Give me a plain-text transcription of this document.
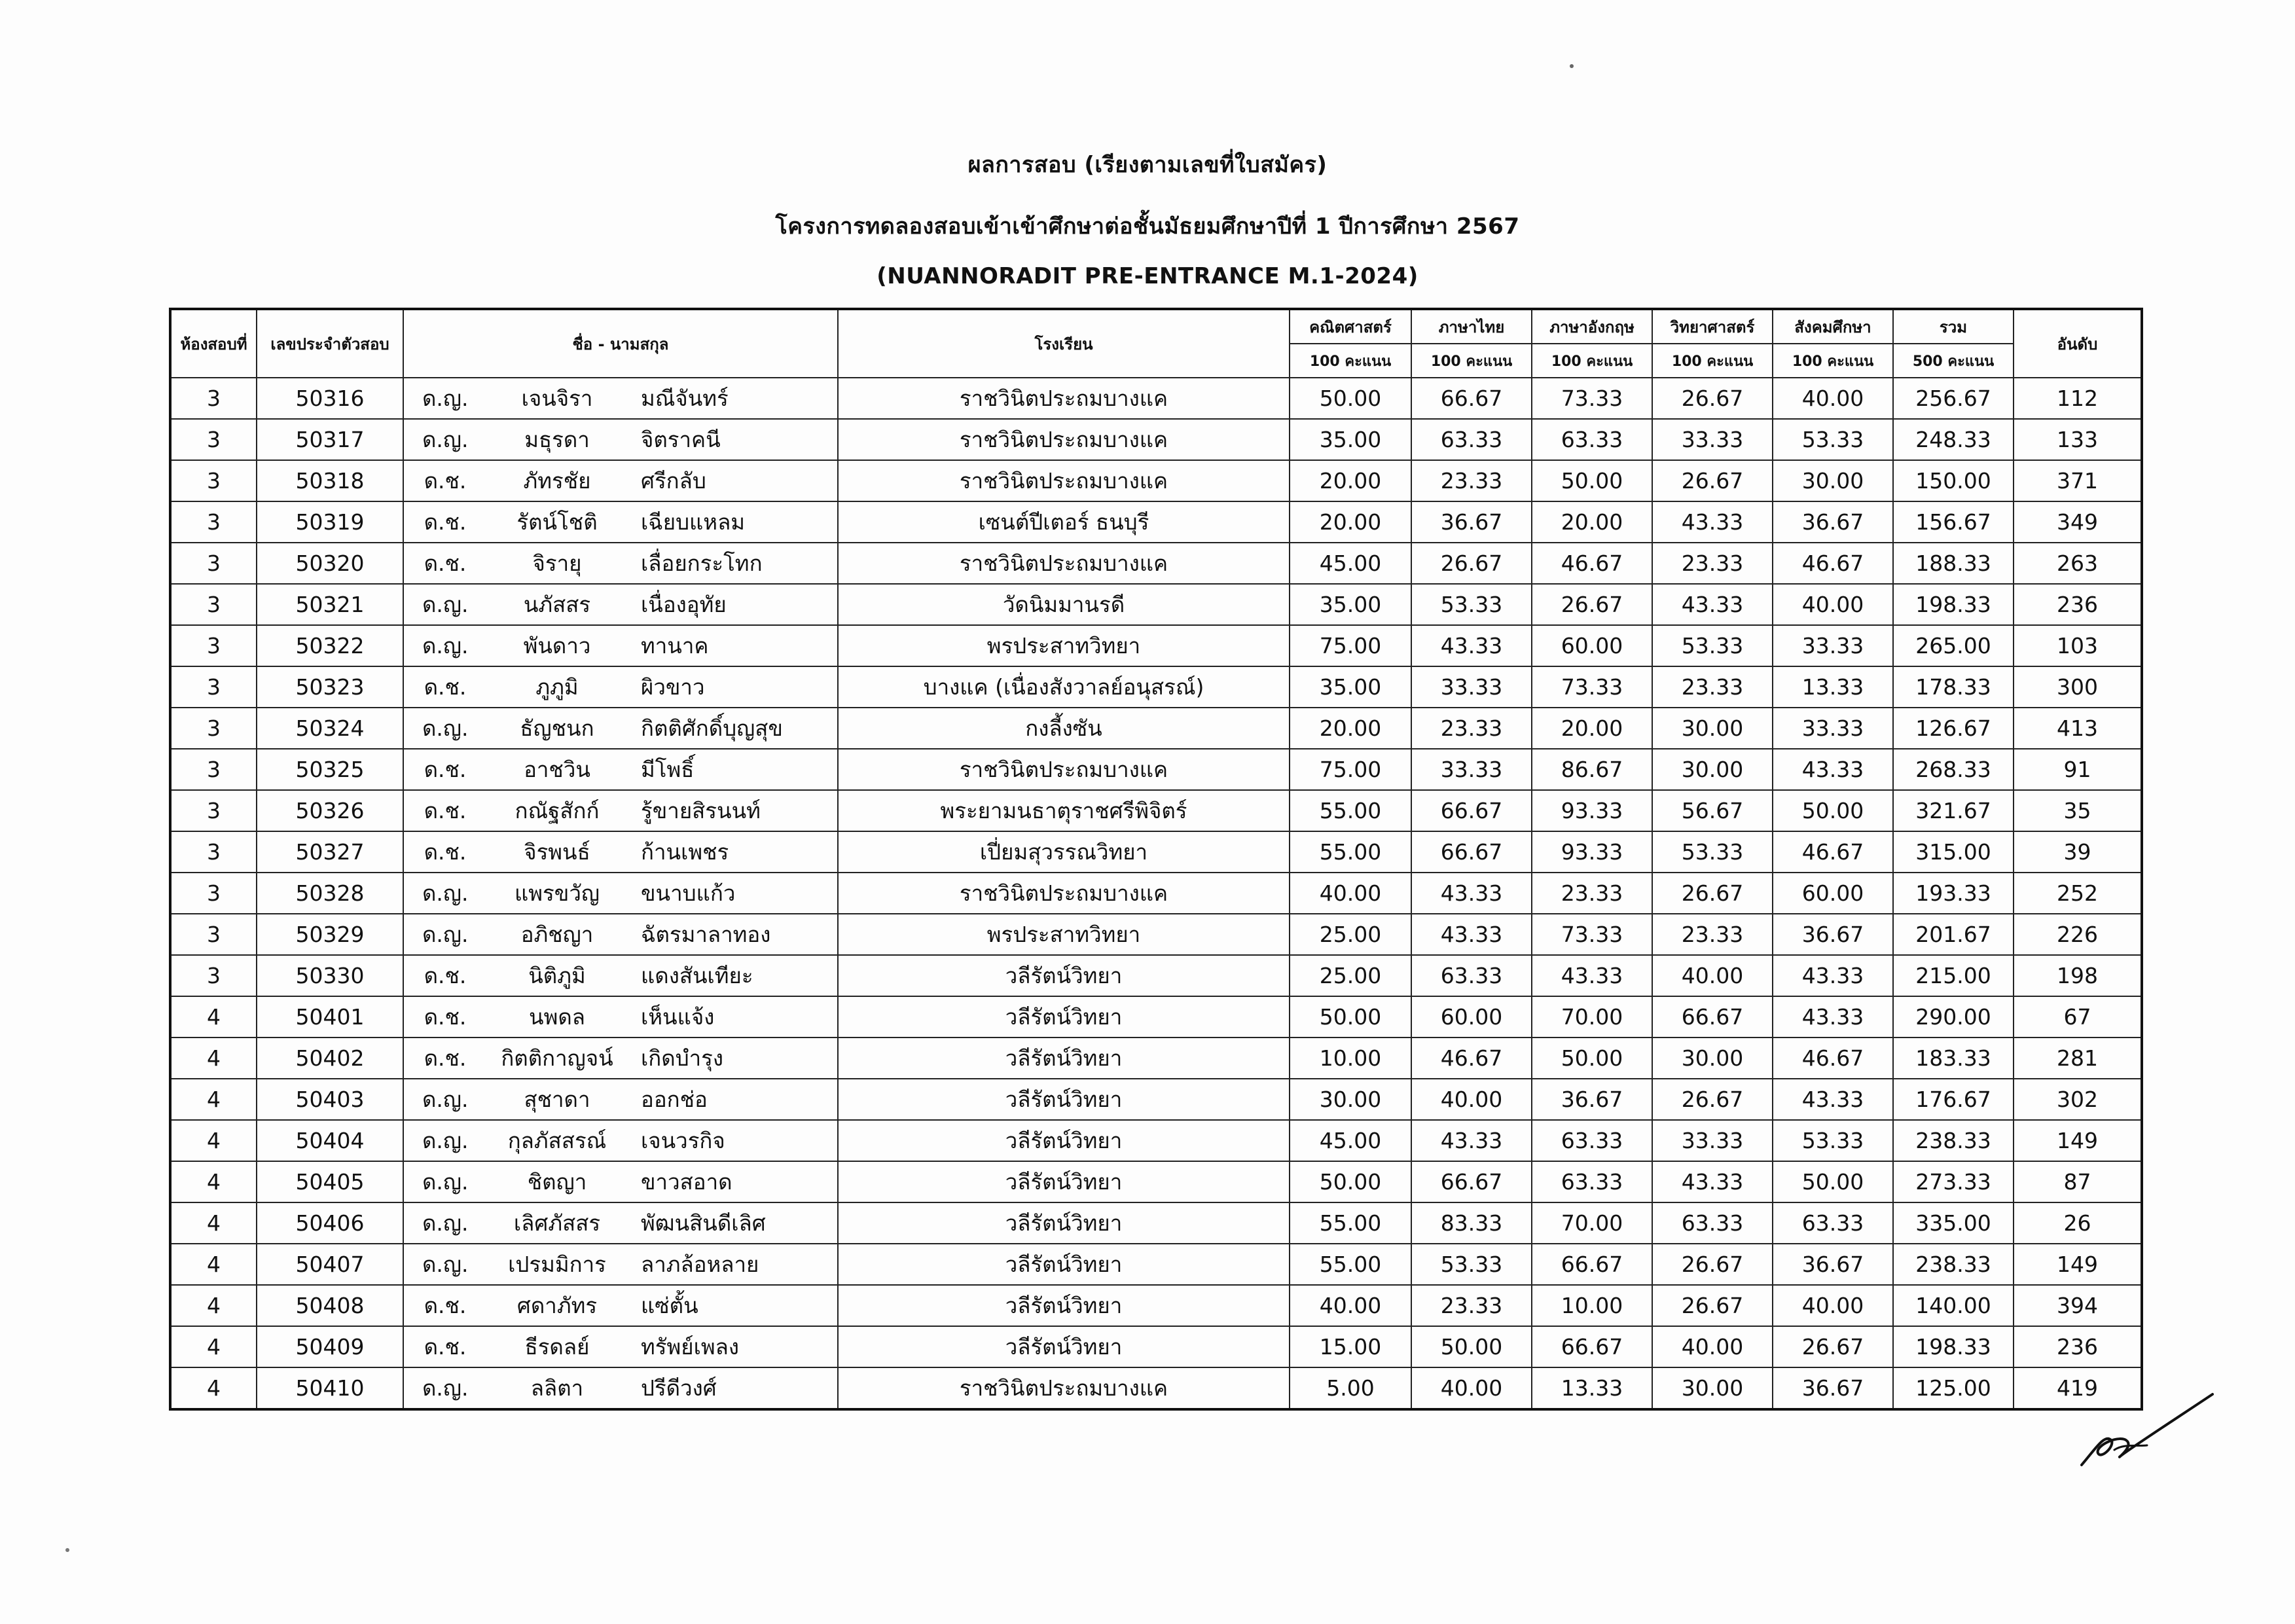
ผลการสอบ (เรียงตามเลขที่ใบสมัคร)
โครงการทดลองสอบเข้าเข้าศึกษาต่อชั้นมัธยมศึกษาปีที่ 1 ปีการศึกษา 2567
(NUANNORADIT PRE-ENTRANCE M.1-2024)
ห้องสอบที่	เลขประจำตัวสอบ	ชื่อ - นามสกุล	โรงเรียน	คณิตศาสตร์	ภาษาไทย	ภาษาอังกฤษ	วิทยาศาสตร์	สังคมศึกษา	รวม	อันดับ
				100 คะแนน	100 คะแนน	100 คะแนน	100 คะแนน	100 คะแนน	500 คะแนน	
3	50316	ด.ญ. เจนจิรา มณีจันทร์	ราชวินิตประถมบางแค	50.00	66.67	73.33	26.67	40.00	256.67	112
3	50317	ด.ญ. มธุรดา จิตราคนี	ราชวินิตประถมบางแค	35.00	63.33	63.33	33.33	53.33	248.33	133
3	50318	ด.ช. ภัทรชัย ศรีกลับ	ราชวินิตประถมบางแค	20.00	23.33	50.00	26.67	30.00	150.00	371
3	50319	ด.ช. รัตน์โชติ เฉียบแหลม	เซนต์ปีเตอร์ ธนบุรี	20.00	36.67	20.00	43.33	36.67	156.67	349
3	50320	ด.ช. จิรายุ เลื่อยกระโทก	ราชวินิตประถมบางแค	45.00	26.67	46.67	23.33	46.67	188.33	263
3	50321	ด.ญ. นภัสสร เนื่องอุทัย	วัดนิมมานรดี	35.00	53.33	26.67	43.33	40.00	198.33	236
3	50322	ด.ญ. พันดาว ทานาค	พรประสาทวิทยา	75.00	43.33	60.00	53.33	33.33	265.00	103
3	50323	ด.ช. ภูภูมิ ผิวขาว	บางแค (เนื่องสังวาลย์อนุสรณ์)	35.00	33.33	73.33	23.33	13.33	178.33	300
3	50324	ด.ญ. ธัญชนก กิตติศักดิ์บุญสุข	กงลี้งซัน	20.00	23.33	20.00	30.00	33.33	126.67	413
3	50325	ด.ช. อาชวิน มีโพธิ์	ราชวินิตประถมบางแค	75.00	33.33	86.67	30.00	43.33	268.33	91
3	50326	ด.ช. กณัฐสักก์ รู้ขายสิรนนท์	พระยามนธาตุราชศรีพิจิตร์	55.00	66.67	93.33	56.67	50.00	321.67	35
3	50327	ด.ช. จิรพนธ์ ก้านเพชร	เปี่ยมสุวรรณวิทยา	55.00	66.67	93.33	53.33	46.67	315.00	39
3	50328	ด.ญ. แพรขวัญ ขนาบแก้ว	ราชวินิตประถมบางแค	40.00	43.33	23.33	26.67	60.00	193.33	252
3	50329	ด.ญ. อภิชญา ฉัตรมาลาทอง	พรประสาทวิทยา	25.00	43.33	73.33	23.33	36.67	201.67	226
3	50330	ด.ช. นิติภูมิ แดงสันเทียะ	วลีรัตน์วิทยา	25.00	63.33	43.33	40.00	43.33	215.00	198
4	50401	ด.ช. นพดล เห็นแจ้ง	วลีรัตน์วิทยา	50.00	60.00	70.00	66.67	43.33	290.00	67
4	50402	ด.ช. กิตติกาญจน์ เกิดบำรุง	วลีรัตน์วิทยา	10.00	46.67	50.00	30.00	46.67	183.33	281
4	50403	ด.ญ. สุชาดา ออกช่อ	วลีรัตน์วิทยา	30.00	40.00	36.67	26.67	43.33	176.67	302
4	50404	ด.ญ. กุลภัสสรณ์ เจนวรกิจ	วลีรัตน์วิทยา	45.00	43.33	63.33	33.33	53.33	238.33	149
4	50405	ด.ญ. ชิตญา ขาวสอาด	วลีรัตน์วิทยา	50.00	66.67	63.33	43.33	50.00	273.33	87
4	50406	ด.ญ. เลิศภัสสร พัฒนสินดีเลิศ	วลีรัตน์วิทยา	55.00	83.33	70.00	63.33	63.33	335.00	26
4	50407	ด.ญ. เปรมมิการ ลาภล้อหลาย	วลีรัตน์วิทยา	55.00	53.33	66.67	26.67	36.67	238.33	149
4	50408	ด.ช. ศดาภัทร แซ่ตั้น	วลีรัตน์วิทยา	40.00	23.33	10.00	26.67	40.00	140.00	394
4	50409	ด.ช. ธีรดลย์ ทรัพย์เพลง	วลีรัตน์วิทยา	15.00	50.00	66.67	40.00	26.67	198.33	236
4	50410	ด.ญ. ลลิตา ปรีดีวงศ์	ราชวินิตประถมบางแค	5.00	40.00	13.33	30.00	36.67	125.00	419
